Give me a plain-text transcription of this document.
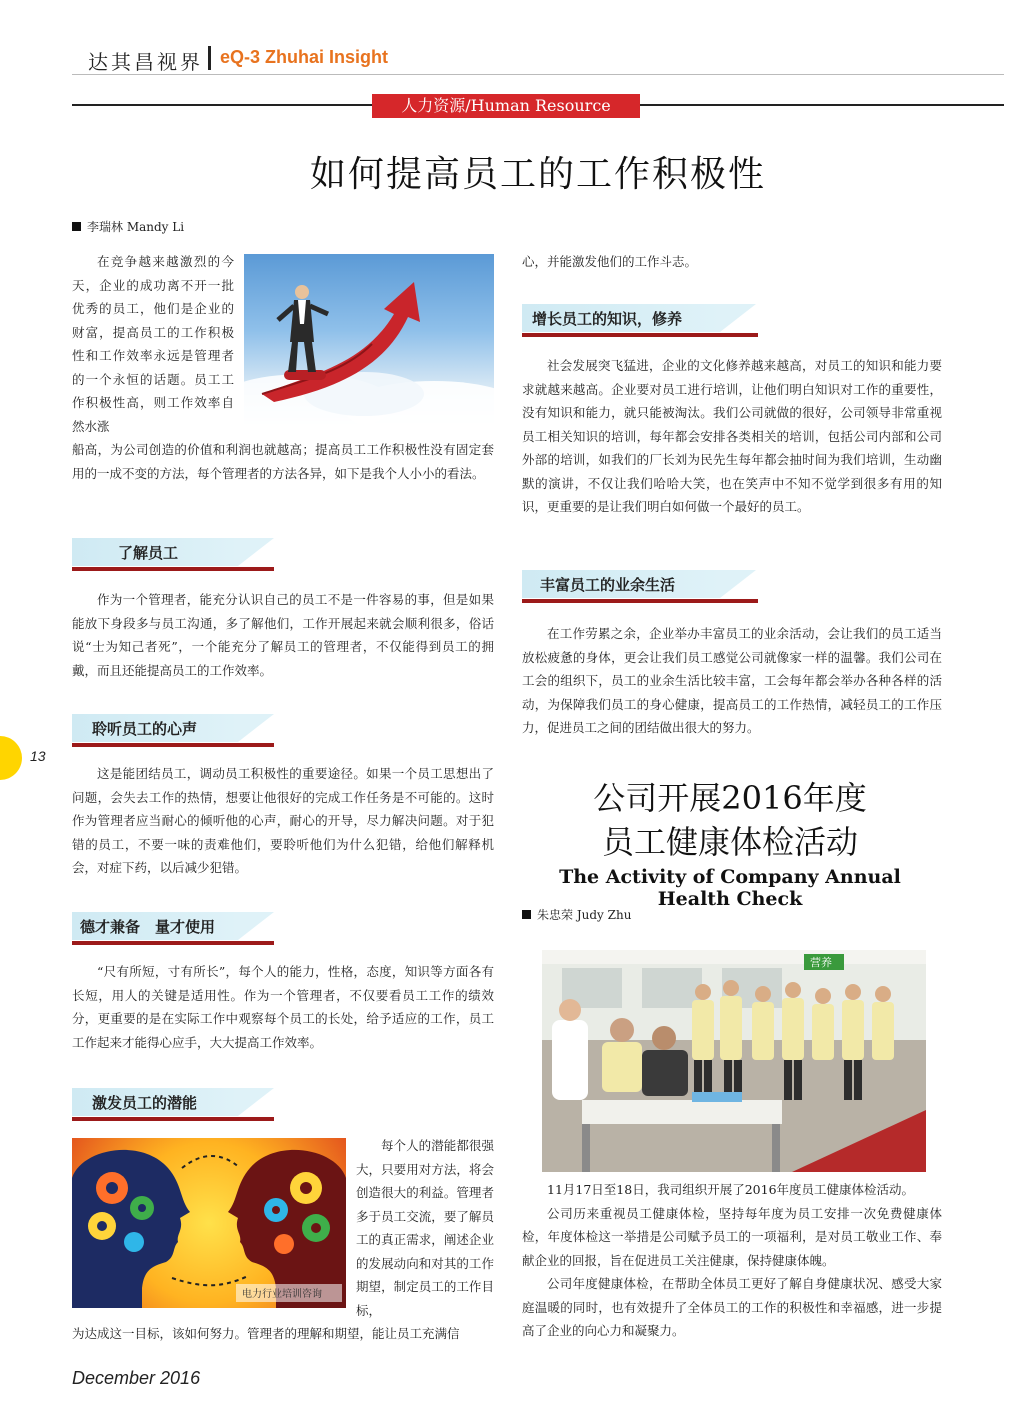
达其昌视界 eQ-3 Zhuhai Insight
人力资源/Human Resource
如何提高员工的工作积极性
李瑞林 Mandy Li

在竞争越来越激烈的今天，企业的成功离不开一批优秀的员工，他们是企业的财富，提高员工的工作积极性和工作效率永远是管理者的一个永恒的话题。员工工作积极性高，则工作效率自然水涨

船高，为公司创造的价值和利润也就越高；提高员工工作积极性没有固定套用的一成不变的方法，每个管理者的方法各异，如下是我个人小小的看法。

了解员工

作为一个管理者，能充分认识自己的员工不是一件容易的事，但是如果能放下身段多与员工沟通，多了解他们，工作开展起来就会顺利很多，俗话说“士为知己者死”，一个能充分了解员工的管理者，不仅能得到员工的拥戴，而且还能提高员工的工作效率。

聆听员工的心声

这是能团结员工，调动员工积极性的重要途径。如果一个员工思想出了问题，会失去工作的热情，想要让他很好的完成工作任务是不可能的。这时作为管理者应当耐心的倾听他的心声，耐心的开导，尽力解决问题。对于犯错的员工，不要一味的责难他们，要聆听他们为什么犯错，给他们解释机会，对症下药，以后减少犯错。

德才兼备　量才使用

“尺有所短，寸有所长”，每个人的能力，性格，态度，知识等方面各有长短，用人的关键是适用性。作为一个管理者，不仅要看员工工作的绩效分，更重要的是在实际工作中观察每个员工的长处，给予适应的工作，员工工作起来才能得心应手，大大提高工作效率。

激发员工的潜能
电力行业培训咨询

每个人的潜能都很强大，只要用对方法，将会创造很大的利益。管理者多于员工交流，要了解员工的真正需求，阐述企业的发展动向和对其的工作期望，制定员工的工作目标，

为达成这一目标，该如何努力。管理者的理解和期望，能让员工充满信

心，并能激发他们的工作斗志。

增长员工的知识，修养

社会发展突飞猛进，企业的文化修养越来越高，对员工的知识和能力要求就越来越高。企业要对员工进行培训，让他们明白知识对工作的重要性，没有知识和能力，就只能被淘汰。我们公司就做的很好，公司领导非常重视员工相关知识的培训，每年都会安排各类相关的培训，包括公司内部和公司外部的培训，如我们的厂长刘为民先生每年都会抽时间为我们培训，生动幽默的演讲，不仅让我们哈哈大笑，也在笑声中不知不觉学到很多有用的知识，更重要的是让我们明白如何做一个最好的员工。

丰富员工的业余生活

在工作劳累之余，企业举办丰富员工的业余活动，会让我们的员工适当放松疲惫的身体，更会让我们员工感觉公司就像家一样的温馨。我们公司在工会的组织下，员工的业余生活比较丰富，工会每年都会举办各种各样的活动，为保障我们员工的身心健康，提高员工的工作热情，减轻员工的工作压力，促进员工之间的团结做出很大的努力。

公司开展2016年度
员工健康体检活动
The Activity of Company Annual Health Check
朱忠荣 Judy Zhu
营养

11月17日至18日，我司组织开展了2016年度员工健康体检活动。

公司历来重视员工健康体检，坚持每年度为员工安排一次免费健康体检，年度体检这一举措是公司赋予员工的一项福利，是对员工敬业工作、奉献企业的回报，旨在促进员工关注健康，保持健康体魄。

公司年度健康体检，在帮助全体员工更好了解自身健康状况、感受大家庭温暖的同时，也有效提升了全体员工的工作的积极性和幸福感，进一步提高了企业的向心力和凝聚力。

13
December 2016
